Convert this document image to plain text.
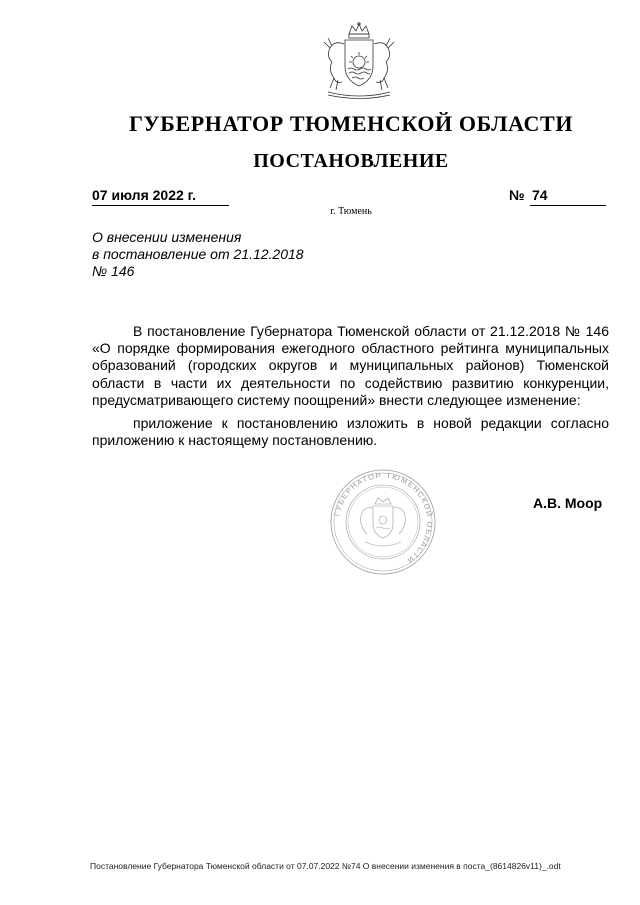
ГУБЕРНАТОР ТЮМЕНСКОЙ ОБЛАСТИ
ПОСТАНОВЛЕНИЕ
07 июля 2022 г.	№ 74
г. Тюмень
О внесении изменения
в постановление от 21.12.2018
№ 146

В постановление Губернатора Тюменской области от 21.12.2018 № 146 «О порядке формирования ежегодного областного рейтинга муниципальных образований (городских округов и муниципальных районов) Тюменской области в части их деятельности по содействию развитию конкуренции, предусматривающего систему поощрений» внести следующее изменение:

приложение к постановлению изложить в новой редакции согласно приложению к настоящему постановлению.

ГУБЕРНАТОР ТЮМЕНСКОЙ ОБЛАСТИ
А.В. Моор
Постановление Губернатора Тюменской области от 07.07.2022 №74 О внесении изменения в поста_(8614826v11)_.odt
